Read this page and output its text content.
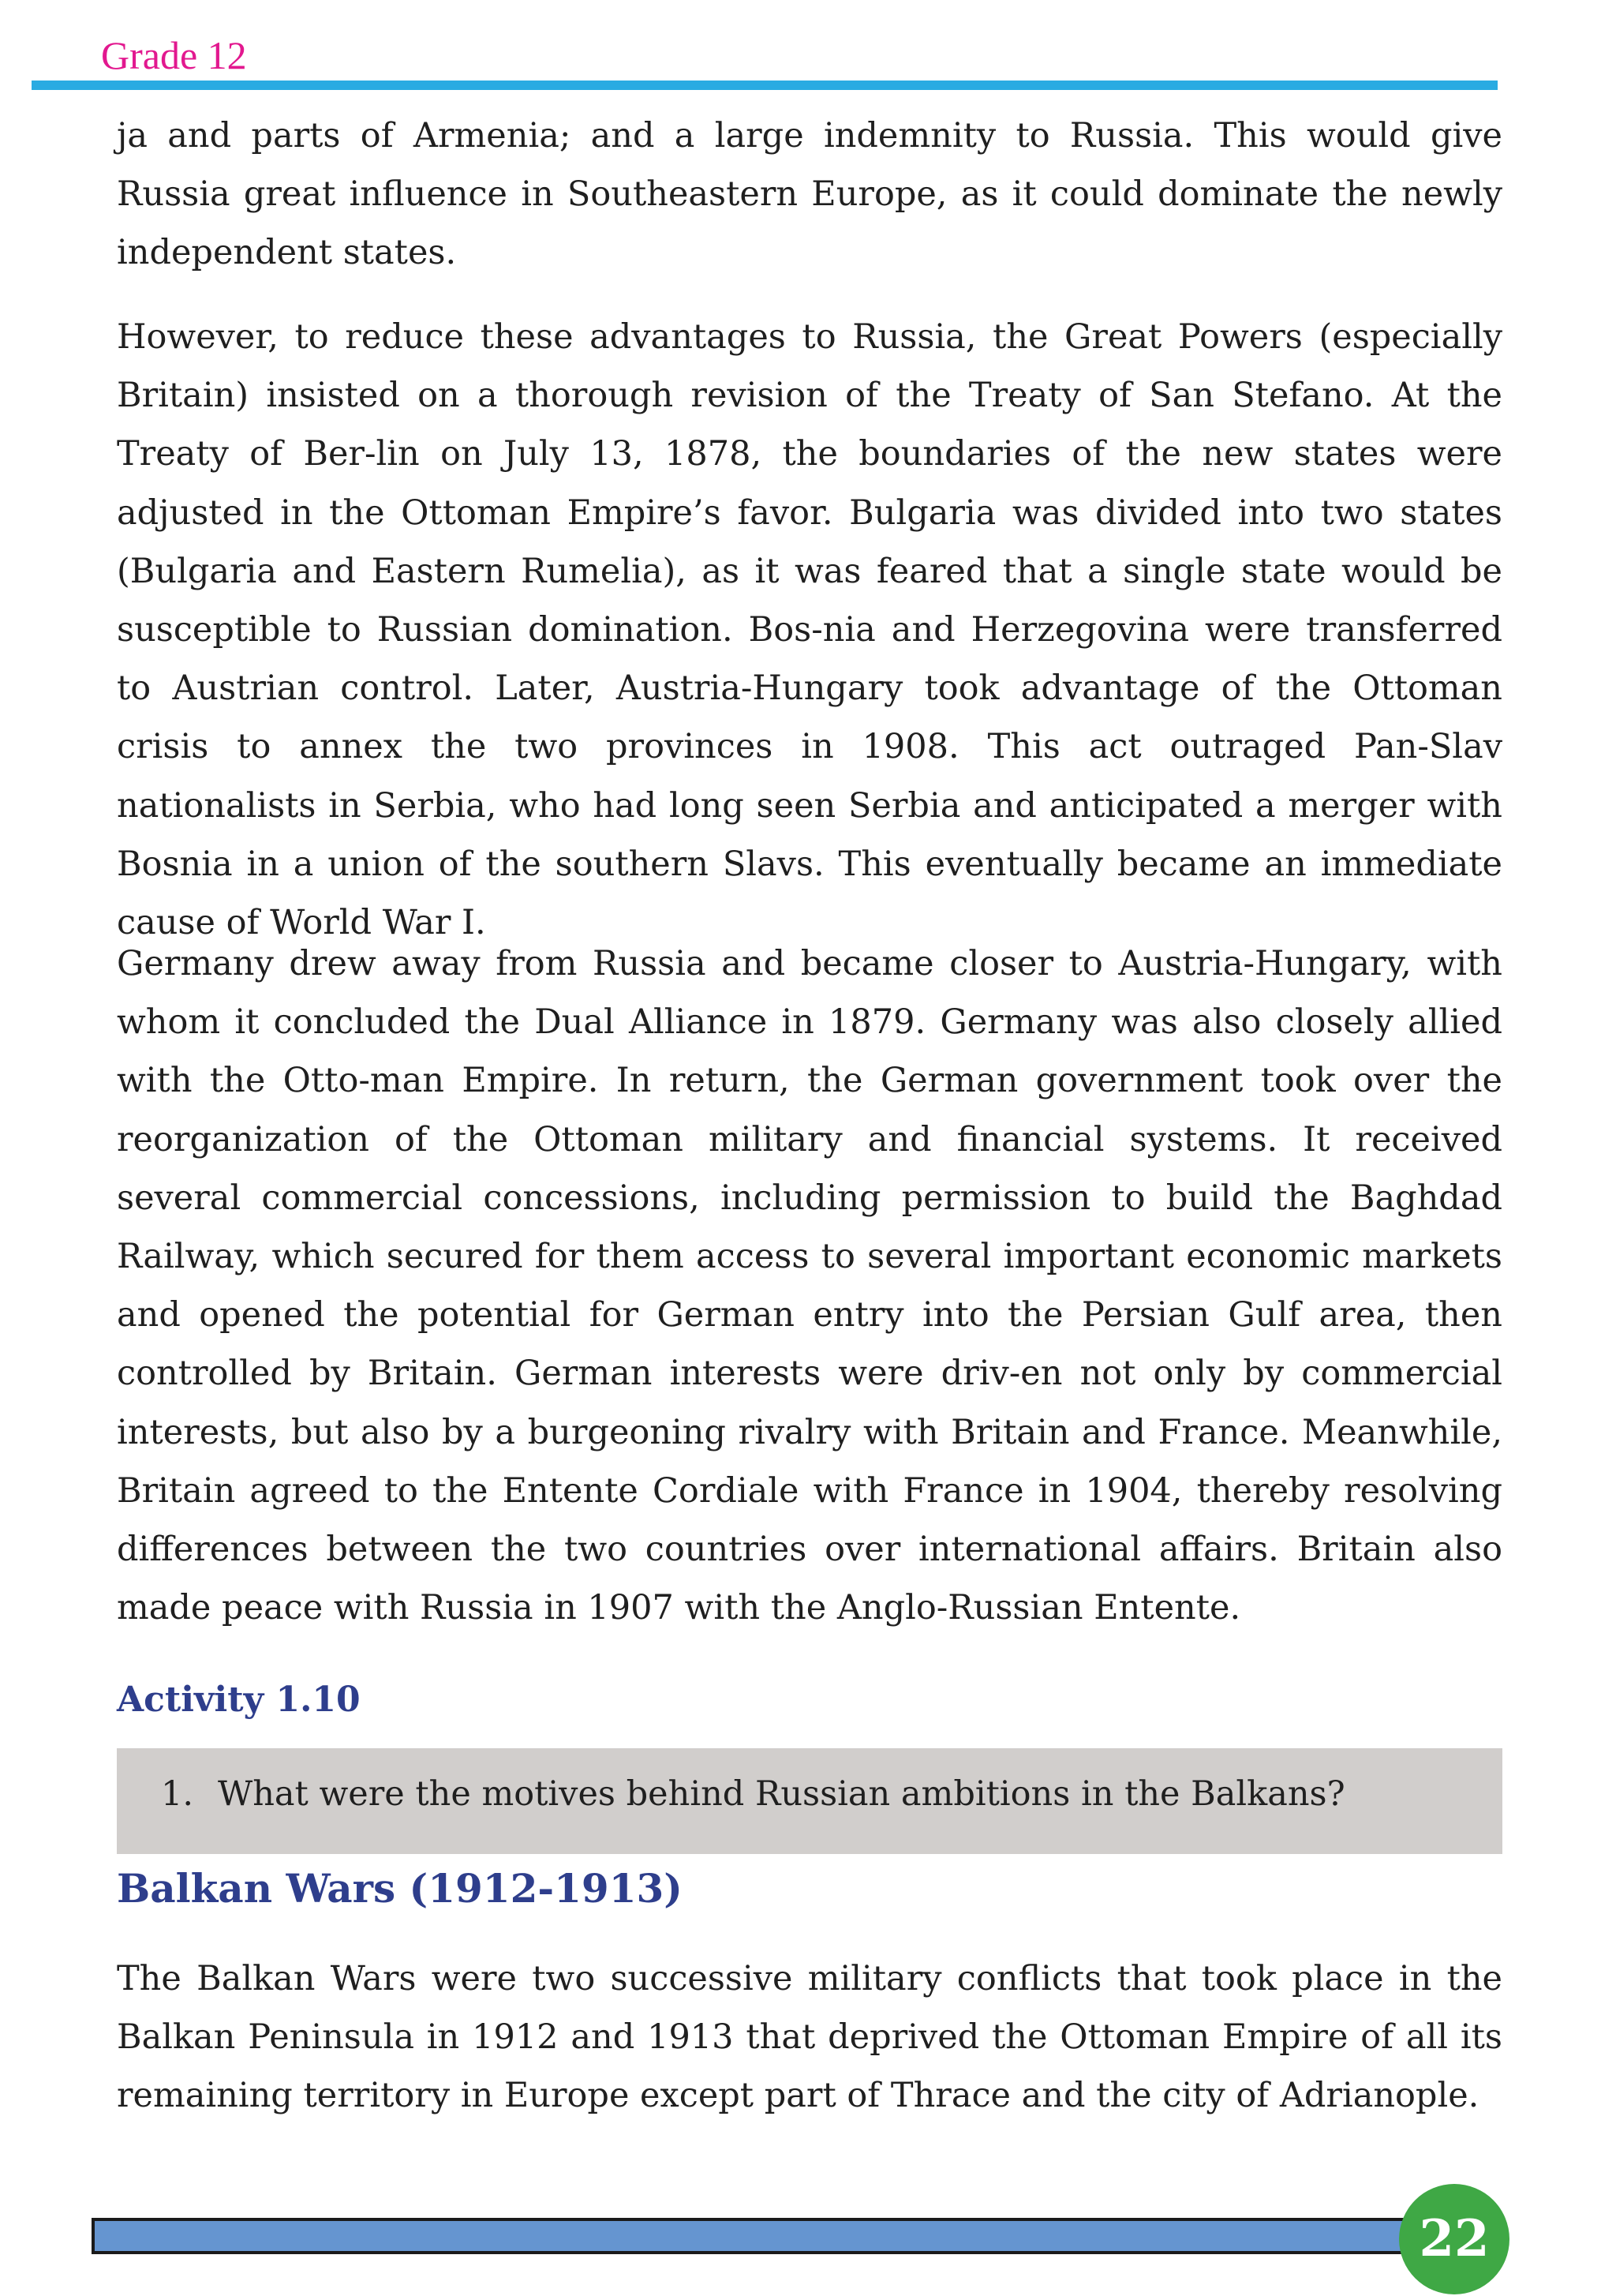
Grade 12

ja and parts of Armenia; and a large indemnity to Russia. This would give Russia great influence in Southeastern Europe, as it could dominate the newly independent states.

However, to reduce these advantages to Russia, the Great Powers (especially Britain) insisted on a thorough revision of the Treaty of San Stefano. At the Treaty of Ber-lin on July 13, 1878, the boundaries of the new states were adjusted in the Ottoman Empire’s favor. Bulgaria was divided into two states (Bulgaria and Eastern Rumelia), as it was feared that a single state would be susceptible to Russian domination. Bos-nia and Herzegovina were transferred to Austrian control. Later, Austria-Hungary took advantage of the Ottoman crisis to annex the two provinces in 1908. This act outraged Pan-Slav nationalists in Serbia, who had long seen Serbia and anticipated a merger with Bosnia in a union of the southern Slavs. This eventually became an immediate cause of World War I.

Germany drew away from Russia and became closer to Austria-Hungary, with whom it concluded the Dual Alliance in 1879. Germany was also closely allied with the Otto-man Empire. In return, the German government took over the reorganization of the Ottoman military and financial systems. It received several commercial concessions, including permission to build the Baghdad Railway, which secured for them access to several important economic markets and opened the potential for German entry into the Persian Gulf area, then controlled by Britain. German interests were driv-en not only by commercial interests, but also by a burgeoning rivalry with Britain and France. Meanwhile, Britain agreed to the Entente Cordiale with France in 1904, thereby resolving differences between the two countries over international affairs. Britain also made peace with Russia in 1907 with the Anglo-Russian Entente.

Activity 1.10
1. What were the motives behind Russian ambitions in the Balkans?
Balkan Wars (1912-1913)

The Balkan Wars were two successive military conflicts that took place in the Balkan Peninsula in 1912 and 1913 that deprived the Ottoman Empire of all its remaining territory in Europe except part of Thrace and the city of Adrianople.

22
